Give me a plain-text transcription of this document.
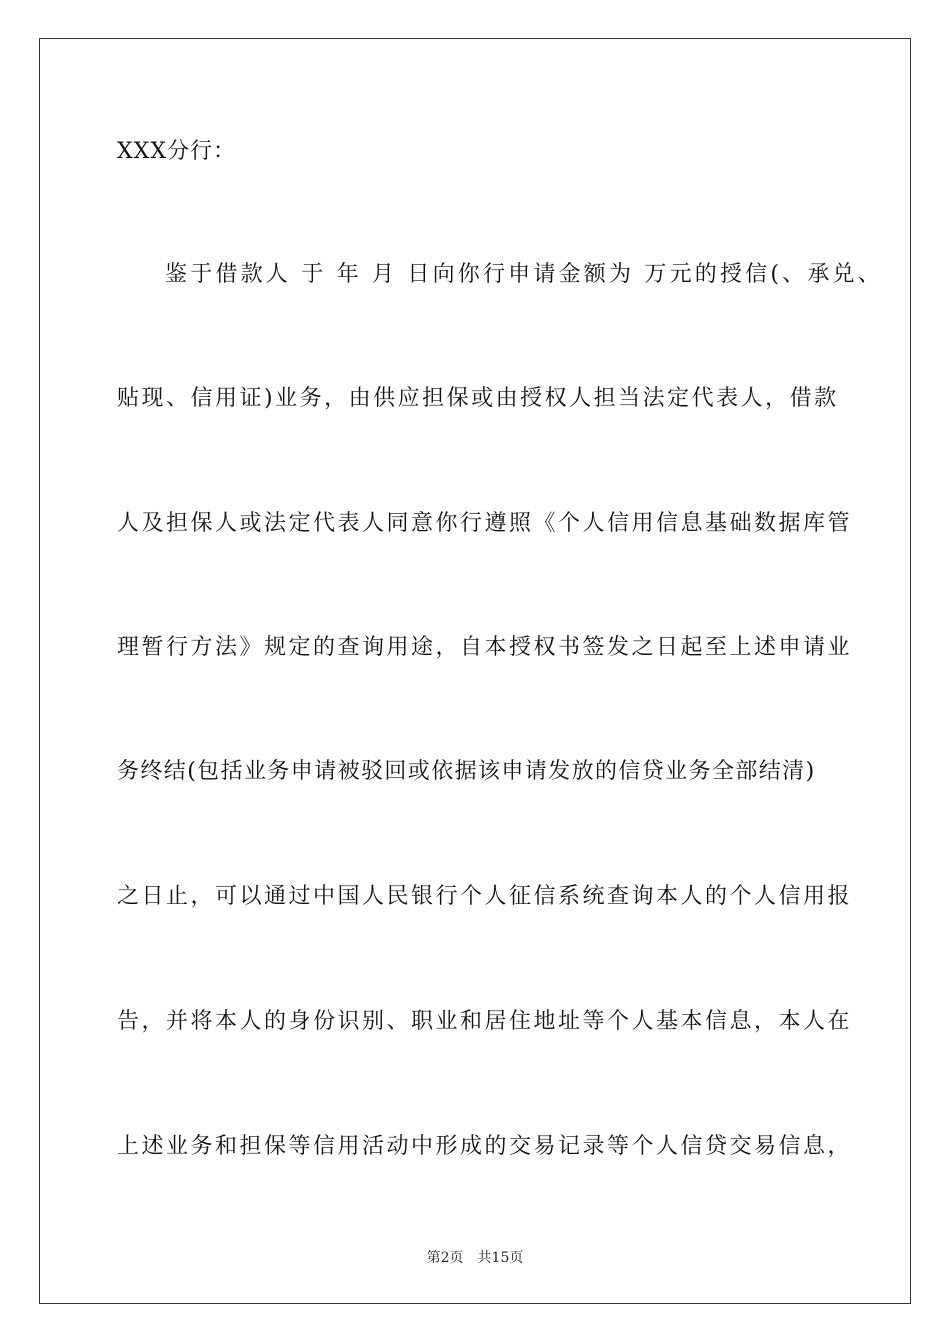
XXX分行：
鉴于借款人 于 年 月 日向你行申请金额为 万元的授信(、承兑、
贴现、信用证)业务，由供应担保或由授权人担当法定代表人，借款
人及担保人或法定代表人同意你行遵照《个人信用信息基础数据库管
理暂行方法》规定的查询用途，自本授权书签发之日起至上述申请业
务终结(包括业务申请被驳回或依据该申请发放的信贷业务全部结清)
之日止，可以通过中国人民银行个人征信系统查询本人的个人信用报
告，并将本人的身份识别、职业和居住地址等个人基本信息，本人在
上述业务和担保等信用活动中形成的交易记录等个人信贷交易信息，
第2页 共15页
